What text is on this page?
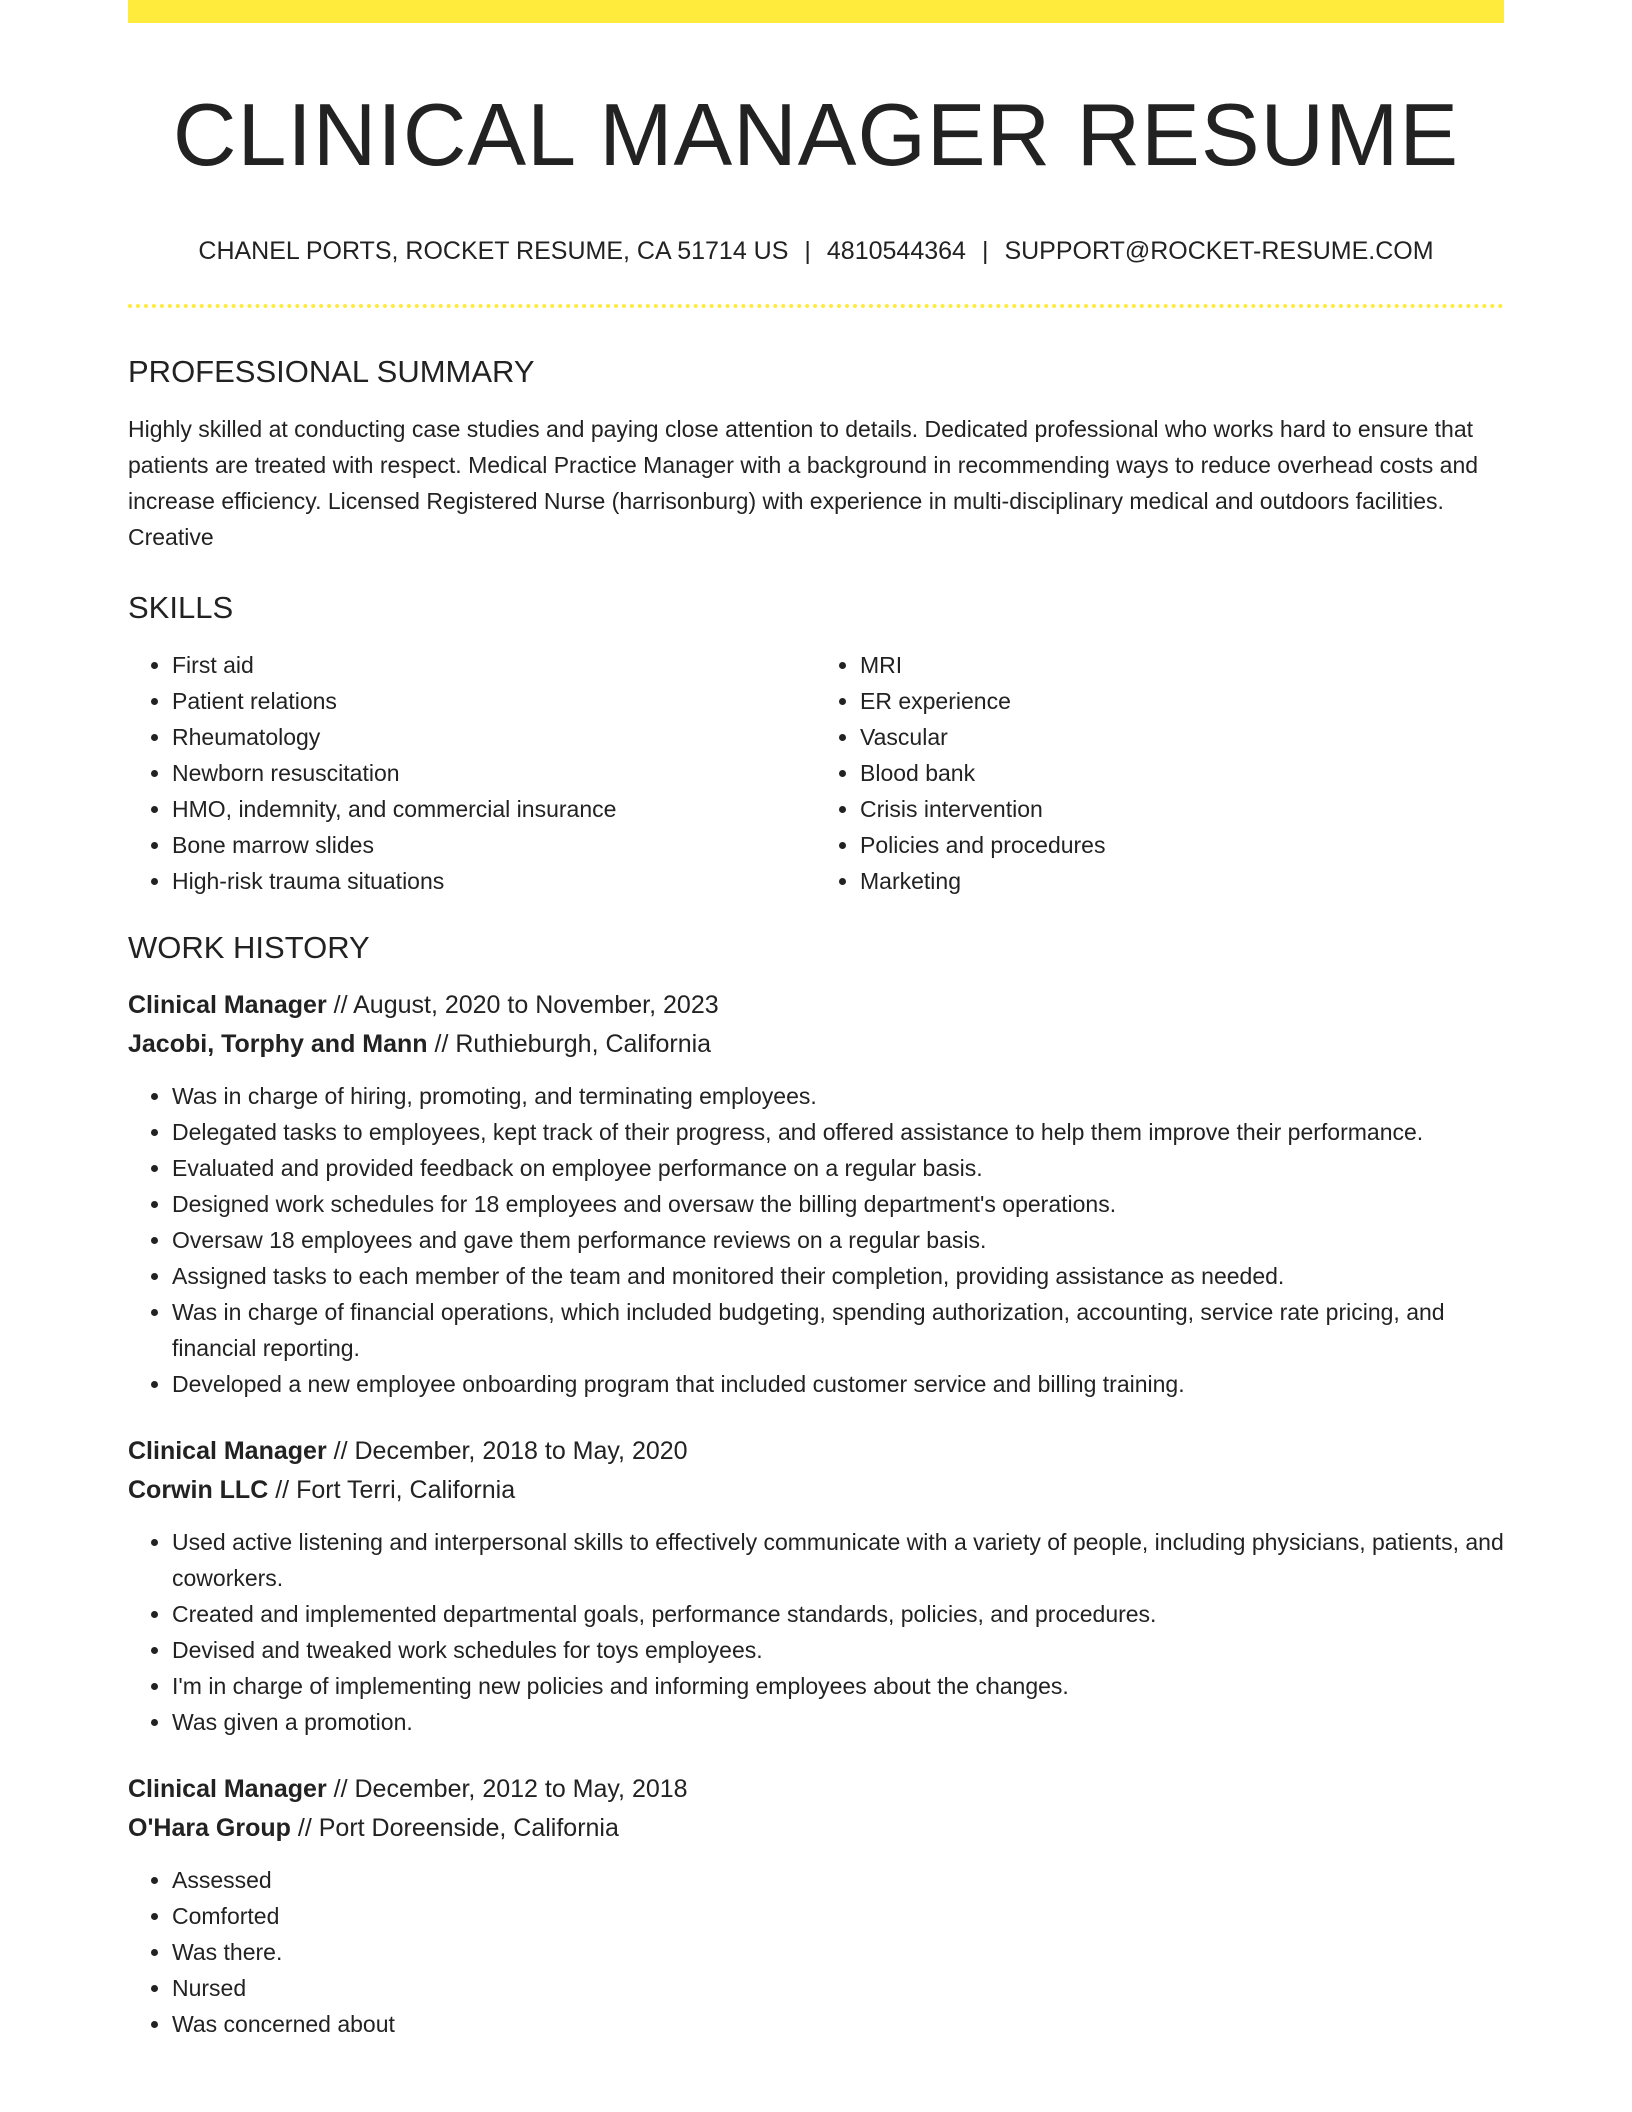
CLINICAL MANAGER RESUME
CHANEL PORTS, ROCKET RESUME, CA 51714 US | 4810544364 | SUPPORT@ROCKET-RESUME.COM
PROFESSIONAL SUMMARY

Highly skilled at conducting case studies and paying close attention to details. Dedicated professional who works hard to ensure that patients are treated with respect. Medical Practice Manager with a background in recommending ways to reduce overhead costs and increase efficiency. Licensed Registered Nurse (harrisonburg) with experience in multi-disciplinary medical and outdoors facilities. Creative

SKILLS
• First aid
• Patient relations
• Rheumatology
• Newborn resuscitation
• HMO, indemnity, and commercial insurance
• Bone marrow slides
• High-risk trauma situations
• MRI
• ER experience
• Vascular
• Blood bank
• Crisis intervention
• Policies and procedures
• Marketing
WORK HISTORY
Clinical Manager // August, 2020 to November, 2023
Jacobi, Torphy and Mann // Ruthieburgh, California
• Was in charge of hiring, promoting, and terminating employees.
• Delegated tasks to employees, kept track of their progress, and offered assistance to help them improve their performance.
• Evaluated and provided feedback on employee performance on a regular basis.
• Designed work schedules for 18 employees and oversaw the billing department's operations.
• Oversaw 18 employees and gave them performance reviews on a regular basis.
• Assigned tasks to each member of the team and monitored their completion, providing assistance as needed.
• Was in charge of financial operations, which included budgeting, spending authorization, accounting, service rate pricing, and financial reporting.
• Developed a new employee onboarding program that included customer service and billing training.
Clinical Manager // December, 2018 to May, 2020
Corwin LLC // Fort Terri, California
• Used active listening and interpersonal skills to effectively communicate with a variety of people, including physicians, patients, and coworkers.
• Created and implemented departmental goals, performance standards, policies, and procedures.
• Devised and tweaked work schedules for toys employees.
• I'm in charge of implementing new policies and informing employees about the changes.
• Was given a promotion.
Clinical Manager // December, 2012 to May, 2018
O'Hara Group // Port Doreenside, California
• Assessed
• Comforted
• Was there.
• Nursed
• Was concerned about
